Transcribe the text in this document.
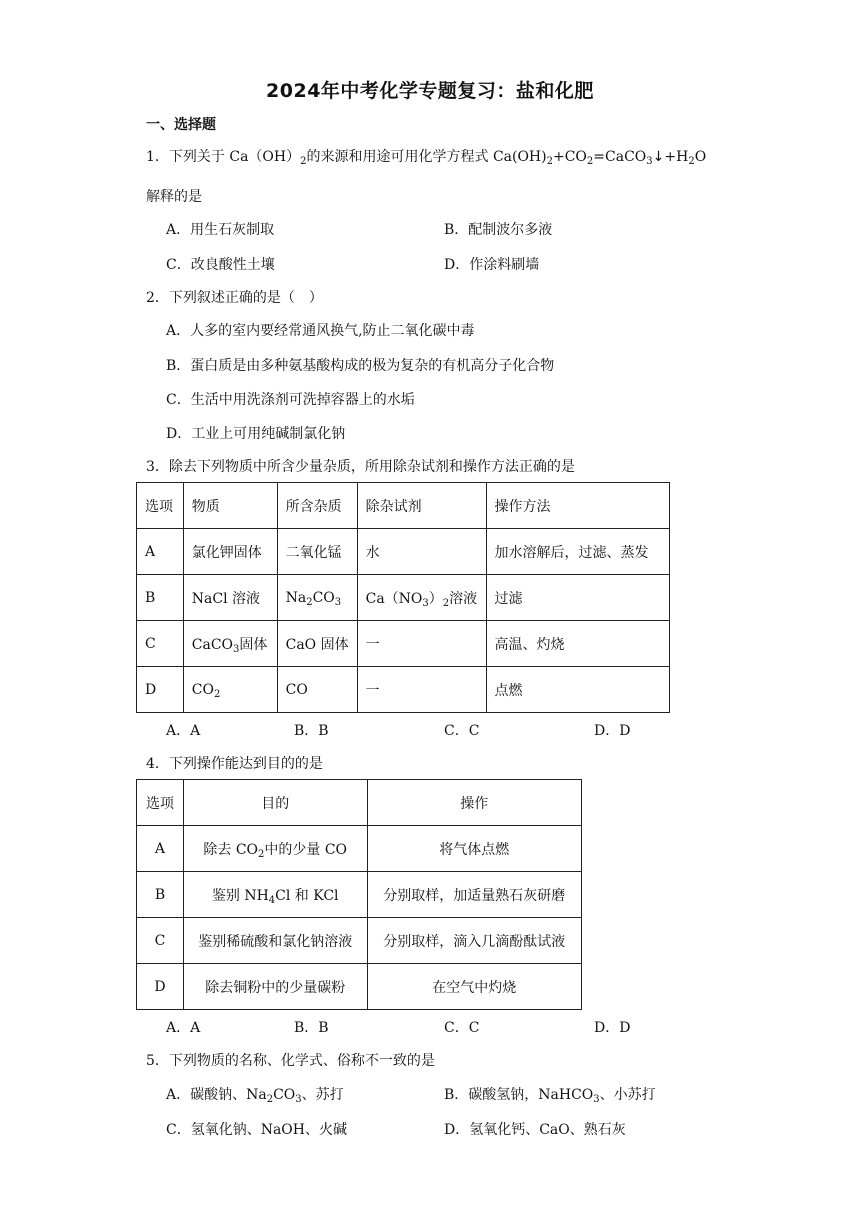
2024年中考化学专题复习：盐和化肥
一、选择题
1．下列关于 $Ca(OH)_2$的来源和用途可用化学方程式 $Ca(OH)_2+CO_2=CaCO_3↓+H_2O$
解释的是
A．用生石灰制取	B．配制波尔多液
C．改良酸性土壤	D．作涂料刷墙
2．下列叙述正确的是（　）
A．人多的室内要经常通风换气,防止二氧化碳中毒
B．蛋白质是由多种氨基酸构成的极为复杂的有机高分子化合物
C．生活中用洗涤剂可洗掉容器上的水垢
D．工业上可用纯碱制氯化钠
3．除去下列物质中所含少量杂质，所用除杂试剂和操作方法正确的是
选项	物质	所含杂质	除杂试剂	操作方法
A	氯化钾固体	二氧化锰	水	加水溶解后，过滤、蒸发
B	NaCl 溶液	$Na_2CO_3$	$Ca(NO_3)_2$溶液	过滤
C	CaCO$_3$固体	CaO 固体	一	高温、灼烧
D	$CO_2$	CO	一	点燃
A．A	B．B	C．C	D．D
4．下列操作能达到目的的是
选项	目的	操作
A	除去 $CO_2$中的少量 CO	将气体点燃
B	鉴别 $NH_4Cl$ 和 KCl	分别取样，加适量熟石灰研磨
C	鉴别稀硫酸和氯化钠溶液	分别取样，滴入几滴酚酞试液
D	除去铜粉中的少量碳粉	在空气中灼烧
A．A	B．B	C．C	D．D
5．下列物质的名称、化学式、俗称不一致的是
A．碳酸钠、$Na_2CO_3$、苏打	B．碳酸氢钠，NaHCO$_3$、小苏打
C．氢氧化钠、NaOH、火碱	D．氢氧化钙、CaO、熟石灰
